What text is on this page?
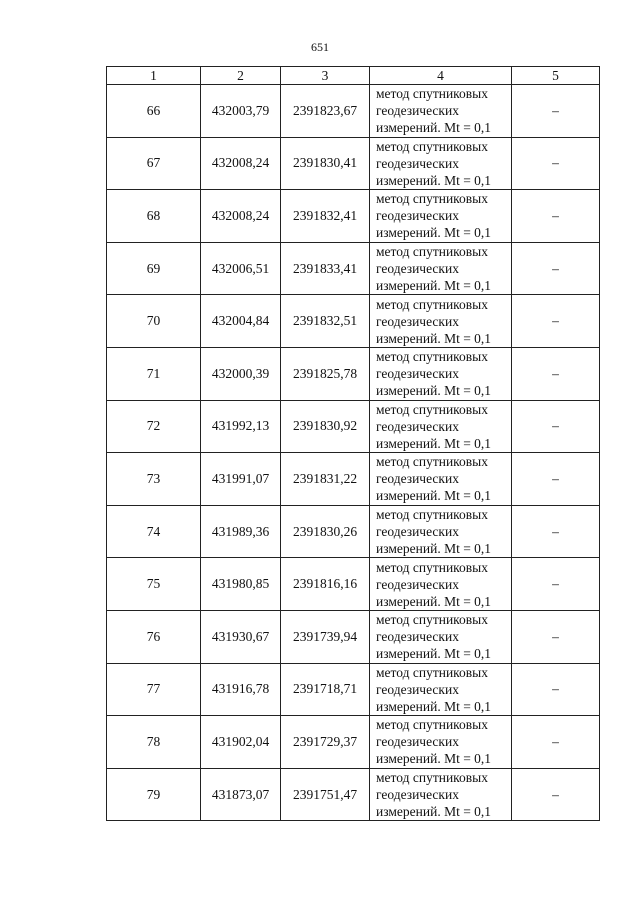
651
1	2	3	4	5
66	432003,79	2391823,67	метод спутниковых
геодезических
измерений. Mt = 0,1	–
67	432008,24	2391830,41	метод спутниковых
геодезических
измерений. Mt = 0,1	–
68	432008,24	2391832,41	метод спутниковых
геодезических
измерений. Mt = 0,1	–
69	432006,51	2391833,41	метод спутниковых
геодезических
измерений. Mt = 0,1	–
70	432004,84	2391832,51	метод спутниковых
геодезических
измерений. Mt = 0,1	–
71	432000,39	2391825,78	метод спутниковых
геодезических
измерений. Mt = 0,1	–
72	431992,13	2391830,92	метод спутниковых
геодезических
измерений. Mt = 0,1	–
73	431991,07	2391831,22	метод спутниковых
геодезических
измерений. Mt = 0,1	–
74	431989,36	2391830,26	метод спутниковых
геодезических
измерений. Mt = 0,1	–
75	431980,85	2391816,16	метод спутниковых
геодезических
измерений. Mt = 0,1	–
76	431930,67	2391739,94	метод спутниковых
геодезических
измерений. Mt = 0,1	–
77	431916,78	2391718,71	метод спутниковых
геодезических
измерений. Mt = 0,1	–
78	431902,04	2391729,37	метод спутниковых
геодезических
измерений. Mt = 0,1	–
79	431873,07	2391751,47	метод спутниковых
геодезических
измерений. Mt = 0,1	–
